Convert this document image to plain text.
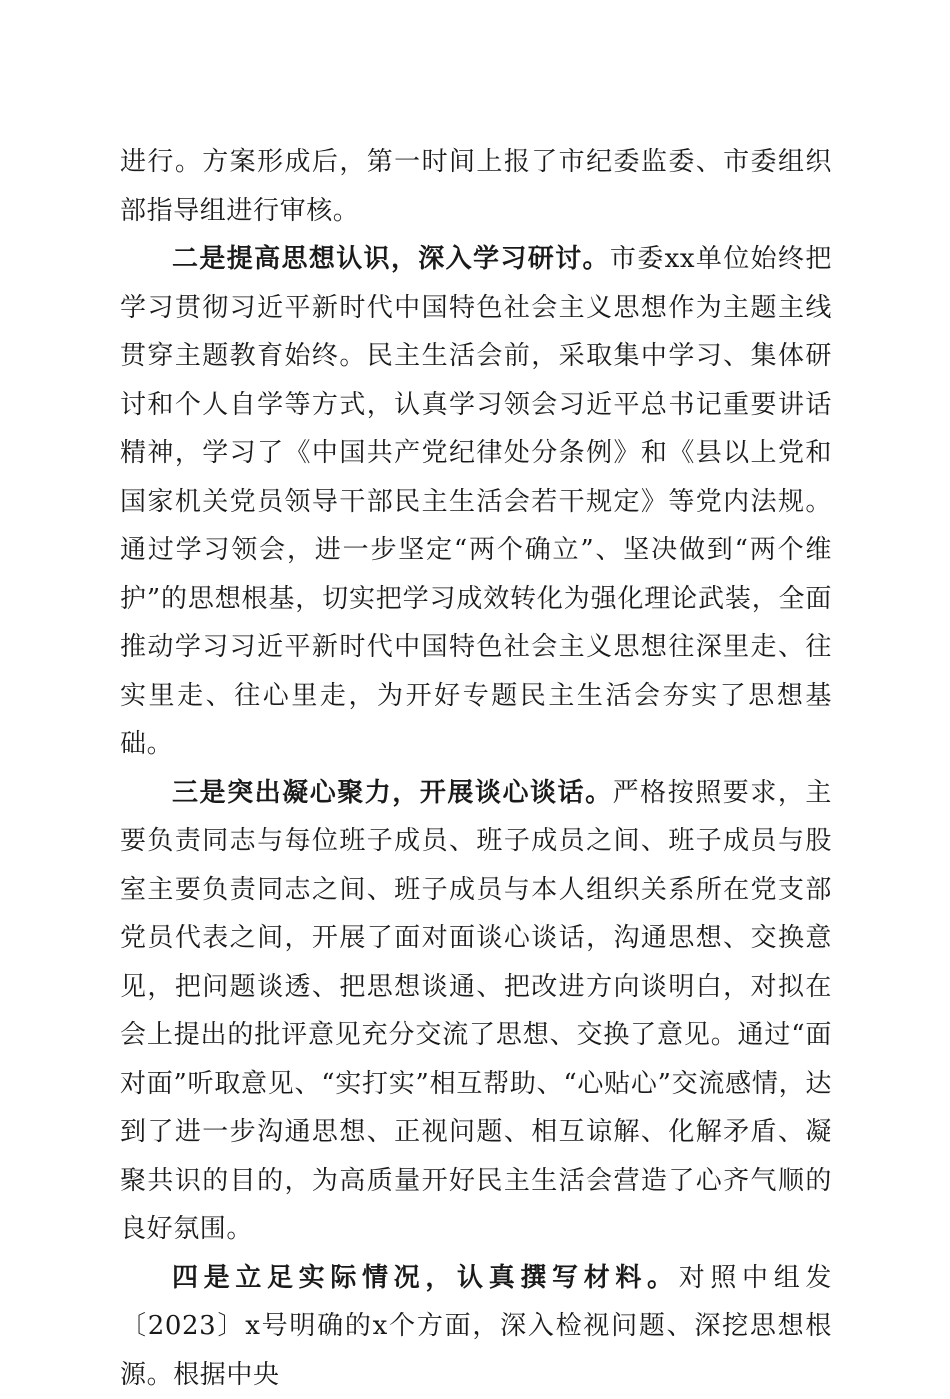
进行。方案形成后，第一时间上报了市纪委监委、市委组织部指导组进行审核。

二是提高思想认识，深入学习研讨。市委xx单位始终把学习贯彻习近平新时代中国特色社会主义思想作为主题主线贯穿主题教育始终。民主生活会前，采取集中学习、集体研讨和个人自学等方式，认真学习领会习近平总书记重要讲话精神，学习了《中国共产党纪律处分条例》和《县以上党和国家机关党员领导干部民主生活会若干规定》等党内法规。通过学习领会，进一步坚定“两个确立”、坚决做到“两个维护”的思想根基，切实把学习成效转化为强化理论武装，全面推动学习习近平新时代中国特色社会主义思想往深里走、往实里走、往心里走，为开好专题民主生活会夯实了思想基础。

三是突出凝心聚力，开展谈心谈话。严格按照要求，主要负责同志与每位班子成员、班子成员之间、班子成员与股室主要负责同志之间、班子成员与本人组织关系所在党支部党员代表之间，开展了面对面谈心谈话，沟通思想、交换意见，把问题谈透、把思想谈通、把改进方向谈明白，对拟在会上提出的批评意见充分交流了思想、交换了意见。通过“面对面”听取意见、“实打实”相互帮助、“心贴心”交流感情，达到了进一步沟通思想、正视问题、相互谅解、化解矛盾、凝聚共识的目的，为高质量开好民主生活会营造了心齐气顺的良好氛围。

四是立足实际情况，认真撰写材料。对照中组发〔2023〕x号明确的x个方面，深入检视问题、深挖思想根源。根据中央
